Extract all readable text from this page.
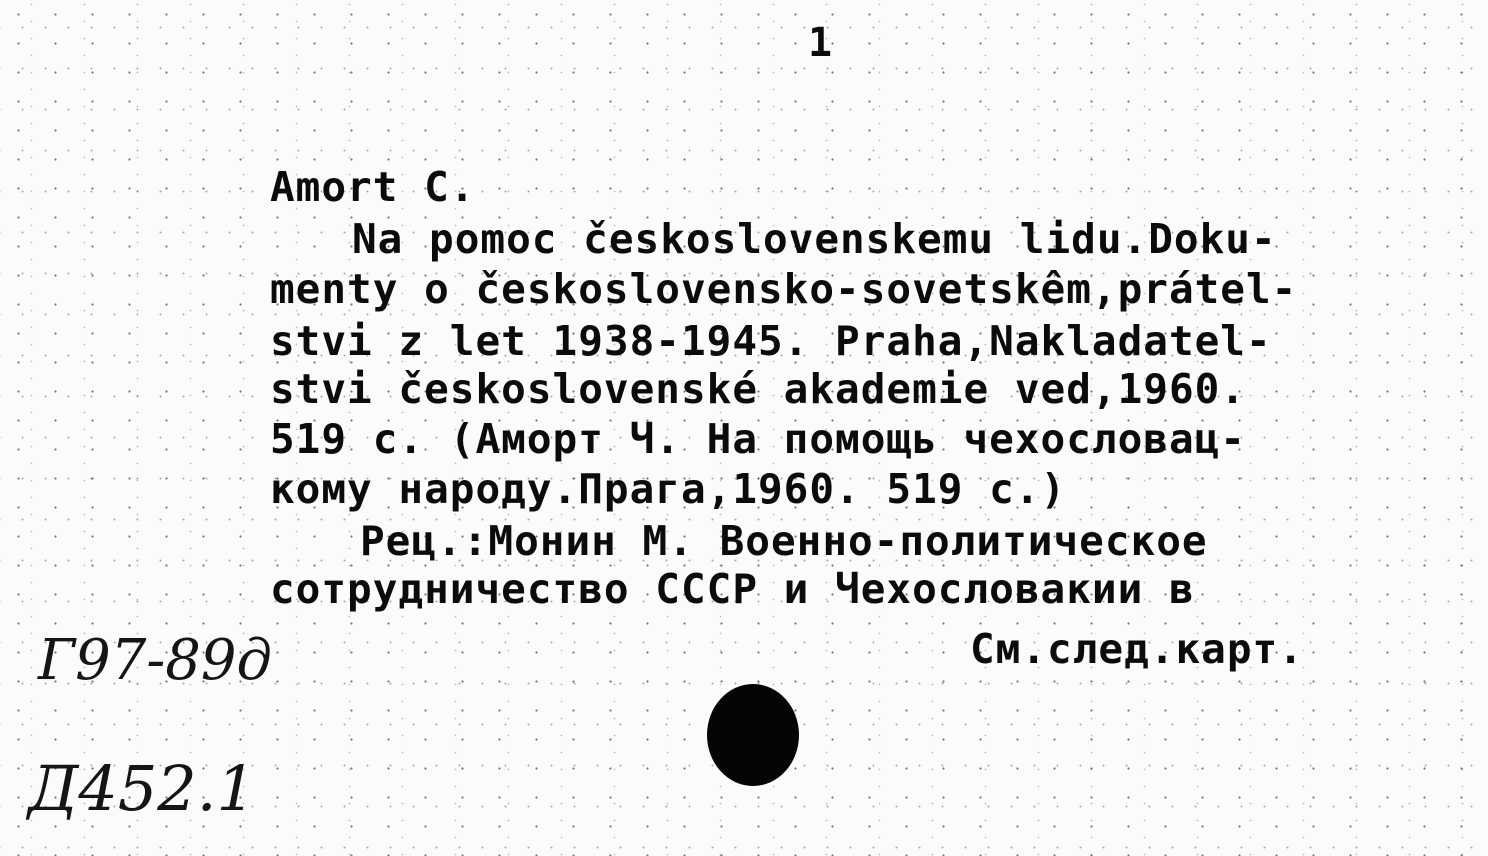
1
Amort C.
Na pomoc československemu lidu.Doku-
menty o československo-sovetskêm,prátel-
stvi z let 1938-1945. Praha,Nakladatel-
stvi československé akademie ved,1960.
519 с. (Аморт Ч. На помощь чехословац-
кому народу.Прага,1960. 519 с.)
Рец.:Монин М. Военно-политическое
сотрудничество СССР и Чехословакии в
См.след.карт.
Г97-89д
Д452.1
